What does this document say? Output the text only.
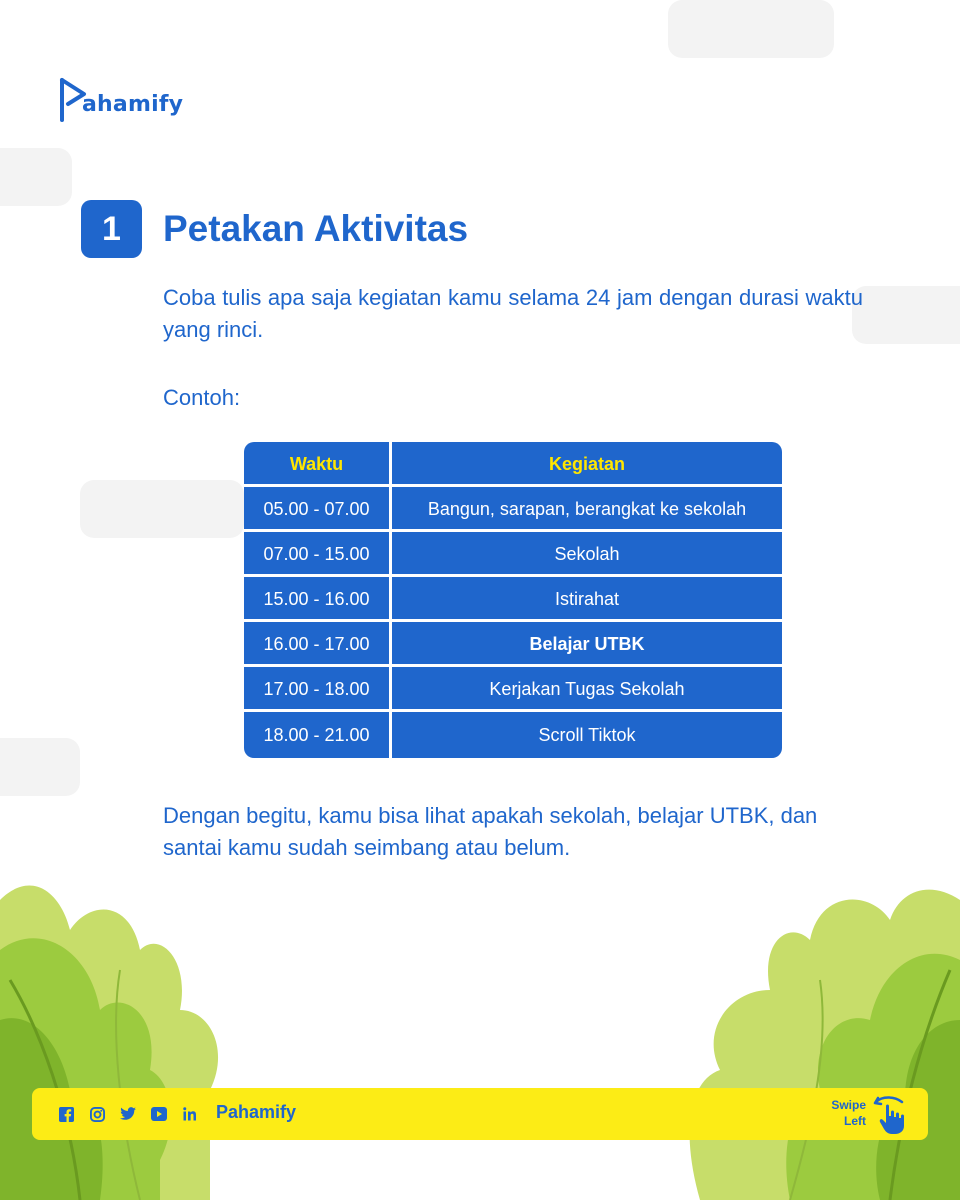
ahamify
1	Petakan Aktivitas

Coba tulis apa saja kegiatan kamu selama 24 jam dengan durasi waktu yang rinci.

Contoh:

Waktu	Kegiatan
05.00 - 07.00	Bangun, sarapan, berangkat ke sekolah
07.00 - 15.00	Sekolah
15.00 - 16.00	Istirahat
16.00 - 17.00	Belajar UTBK
17.00 - 18.00	Kerjakan Tugas Sekolah
18.00 - 21.00	Scroll Tiktok

Dengan begitu, kamu bisa lihat apakah sekolah, belajar UTBK, dan santai kamu sudah seimbang atau belum.

Pahamify	Swipe
Left
